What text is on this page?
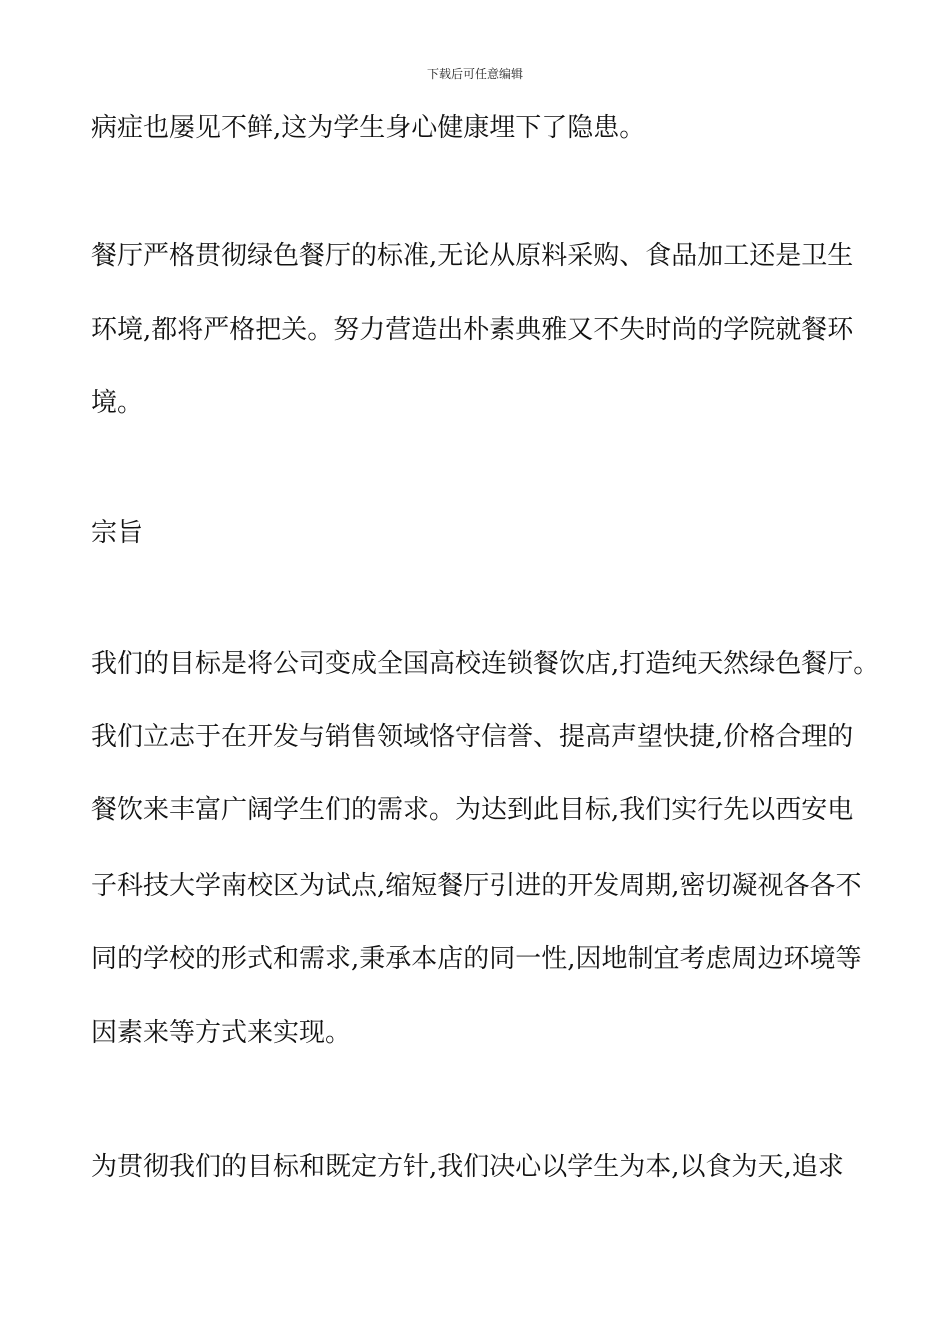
下载后可任意编辑
病症也屡见不鲜,这为学生身心健康埋下了隐患。
餐厅严格贯彻绿色餐厅的标准,无论从原料采购、食品加工还是卫生
环境,都将严格把关。努力营造出朴素典雅又不失时尚的学院就餐环
境。
宗旨
我们的目标是将公司变成全国高校连锁餐饮店,打造纯天然绿色餐厅。
我们立志于在开发与销售领域恪守信誉、提高声望快捷,价格合理的
餐饮来丰富广阔学生们的需求。为达到此目标,我们实行先以西安电
子科技大学南校区为试点,缩短餐厅引进的开发周期,密切凝视各各不
同的学校的形式和需求,秉承本店的同一性,因地制宜考虑周边环境等
因素来等方式来实现。
为贯彻我们的目标和既定方针,我们决心以学生为本,以食为天,追求
